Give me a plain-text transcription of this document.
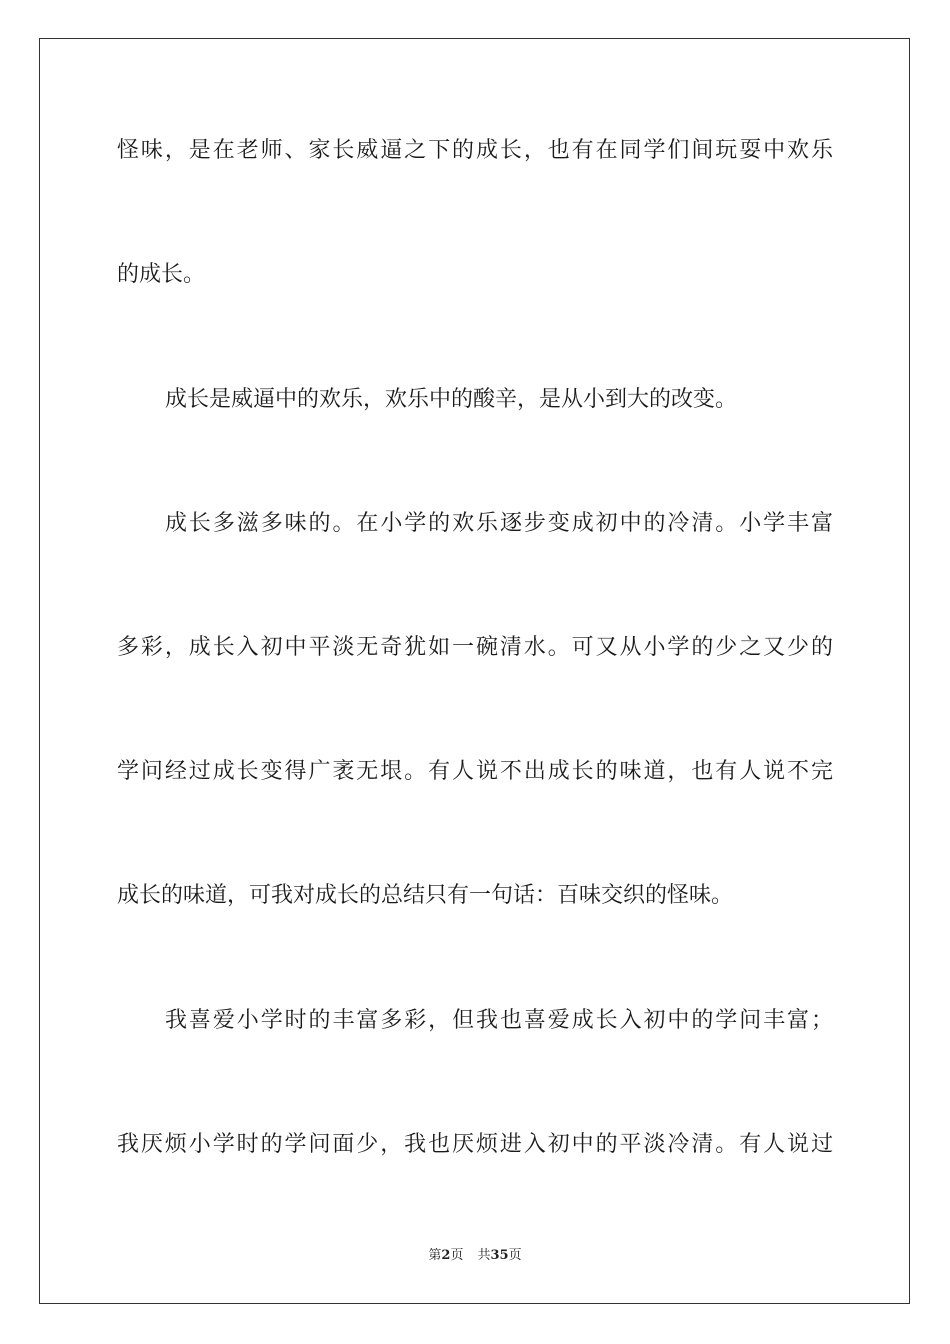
怪味，是在老师、家长威逼之下的成长，也有在同学们间玩耍中欢乐
的成长。
成长是威逼中的欢乐，欢乐中的酸辛，是从小到大的改变。
成长多滋多味的。在小学的欢乐逐步变成初中的冷清。小学丰富
多彩，成长入初中平淡无奇犹如一碗清水。可又从小学的少之又少的
学问经过成长变得广袤无垠。有人说不出成长的味道，也有人说不完
成长的味道，可我对成长的总结只有一句话：百味交织的怪味。
我喜爱小学时的丰富多彩，但我也喜爱成长入初中的学问丰富；
我厌烦小学时的学问面少，我也厌烦进入初中的平淡冷清。有人说过
第2页 共35页
